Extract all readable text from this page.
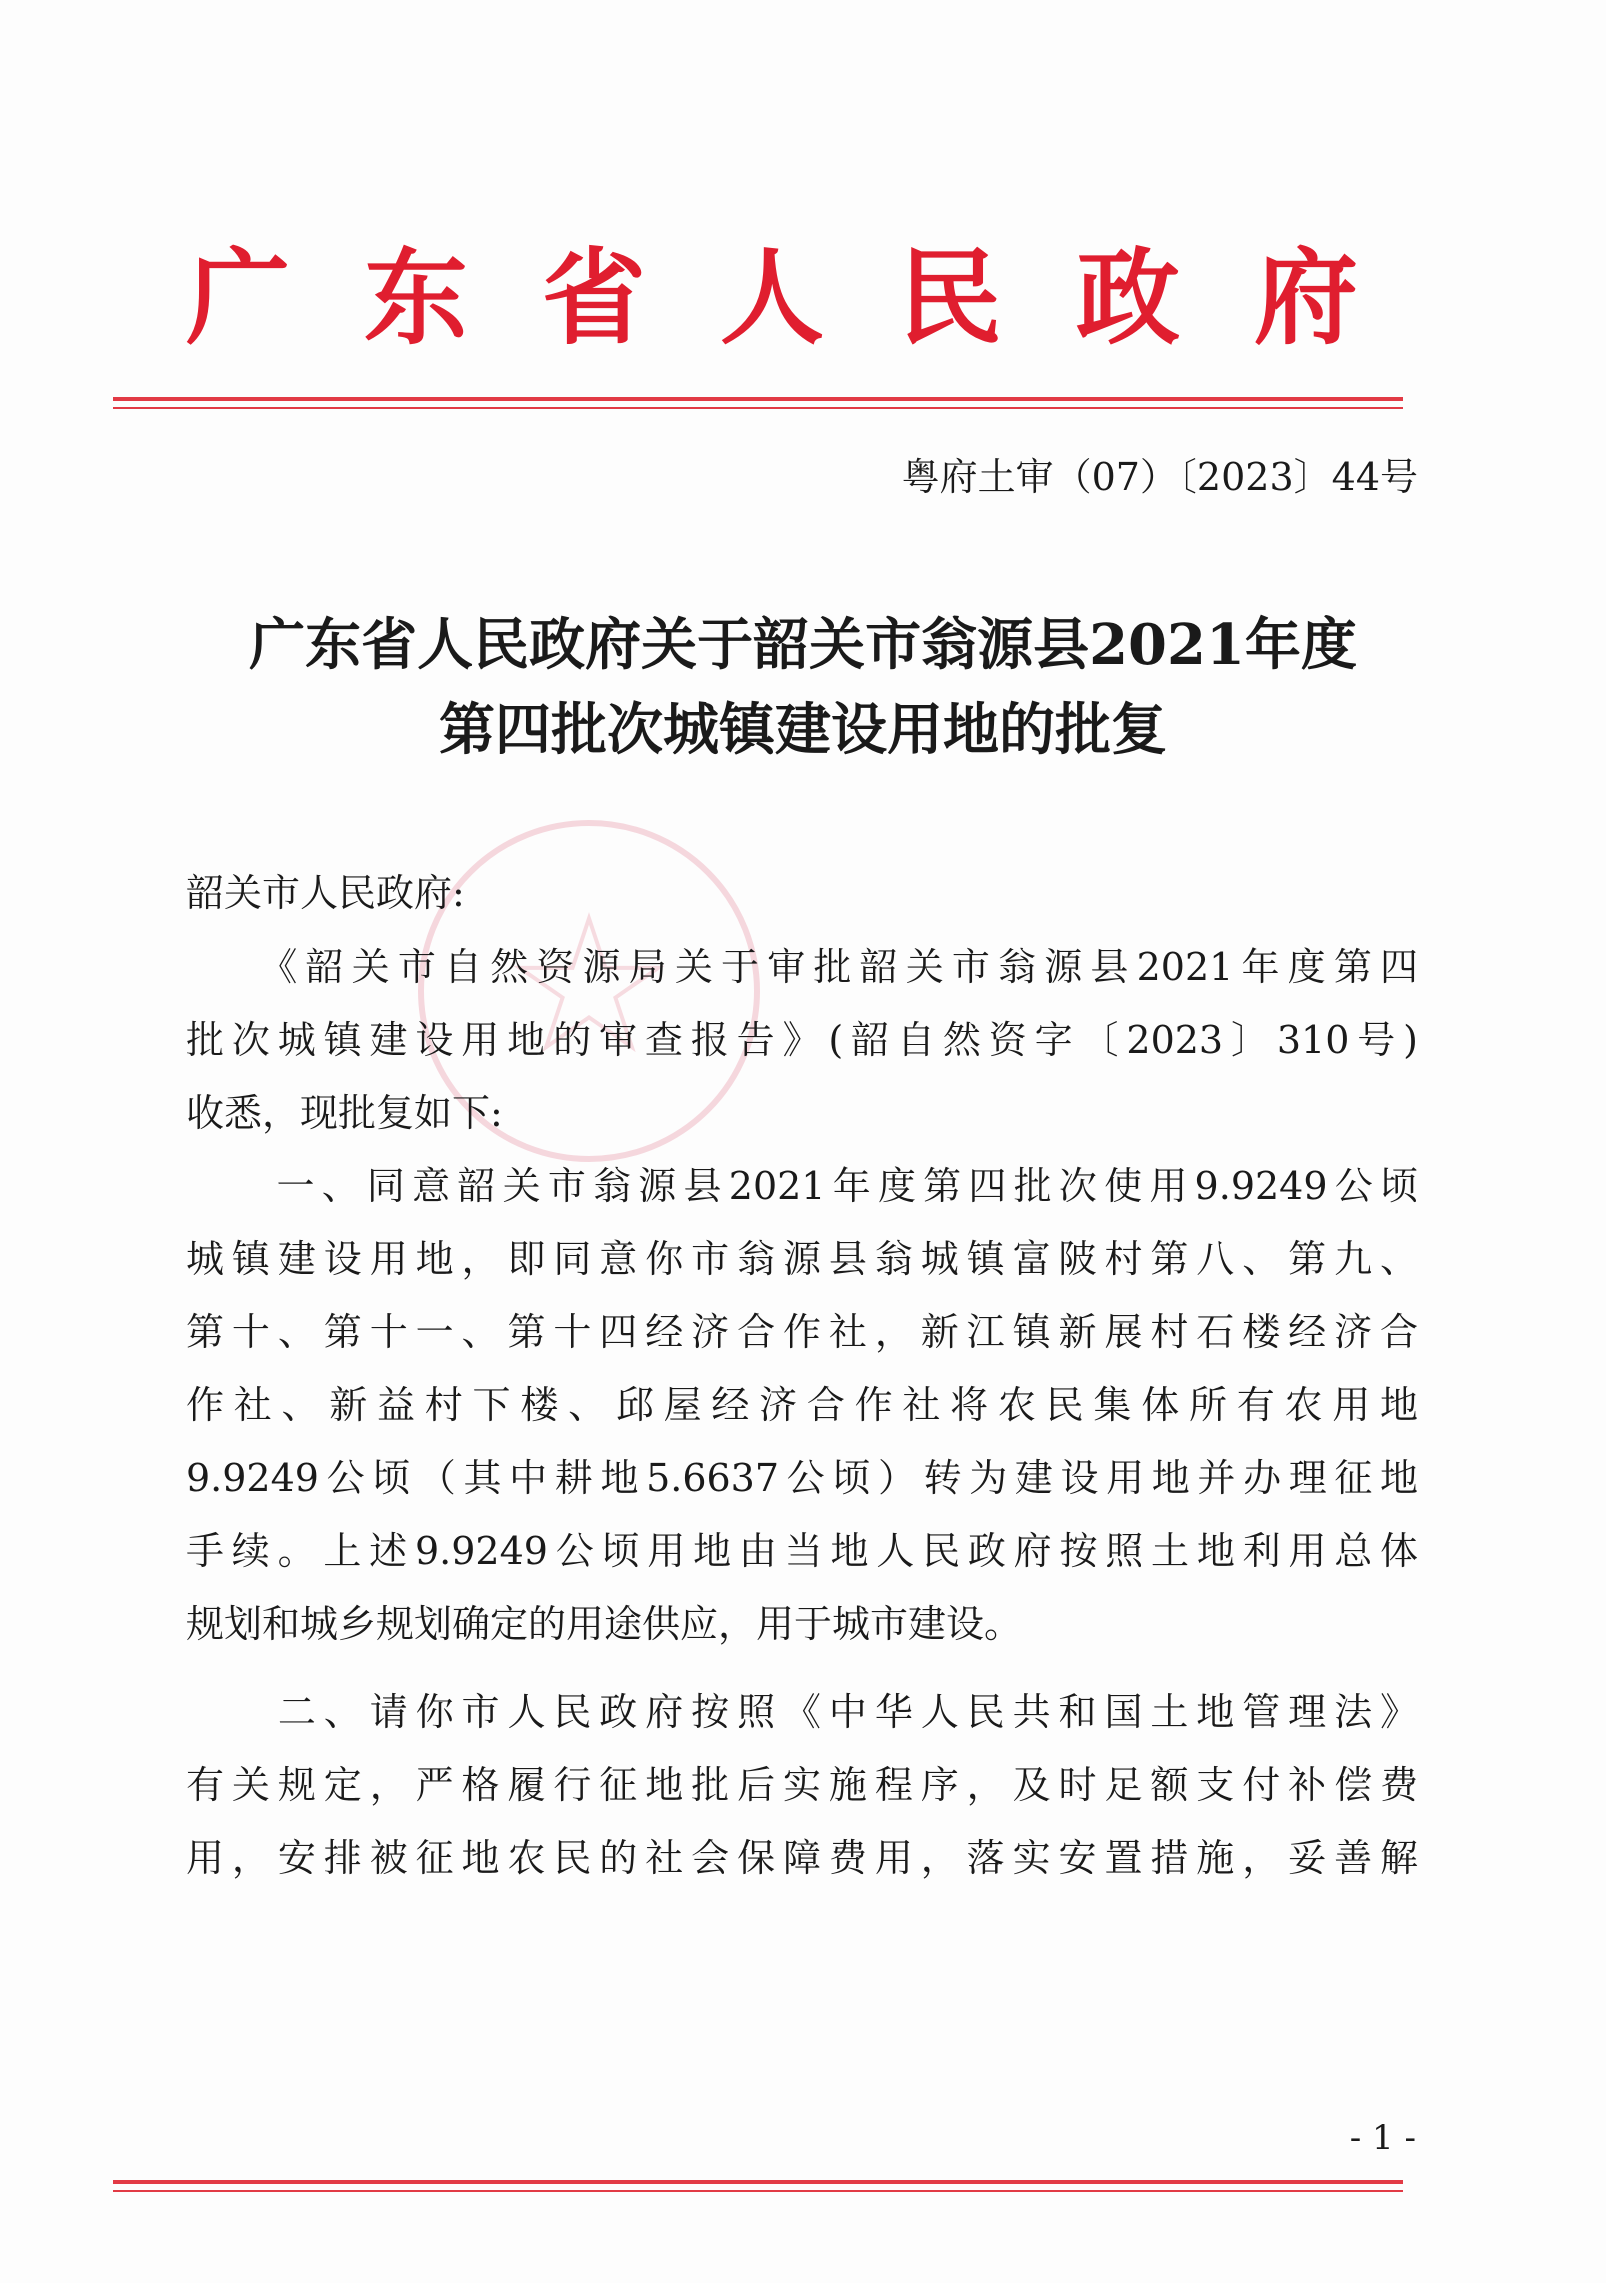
广东省人民政府
粤府土审（07）〔2023〕44号
广东省人民政府关于韶关市翁源县2021年度
第四批次城镇建设用地的批复
韶关市人民政府:
　　《韶关市自然资源局关于审批韶关市翁源县2021年度第四
批次城镇建设用地的审查报告》(韶自然资字〔2023〕310号)
收悉，现批复如下:
　　一、同意韶关市翁源县2021年度第四批次使用9.9249公顷
城镇建设用地，即同意你市翁源县翁城镇富陂村第八、第九、
第十、第十一、第十四经济合作社，新江镇新展村石楼经济合
作社、新益村下楼、邱屋经济合作社将农民集体所有农用地
9.9249公顷（其中耕地5.6637公顷）转为建设用地并办理征地
手续。上述9.9249公顷用地由当地人民政府按照土地利用总体
规划和城乡规划确定的用途供应，用于城市建设。
　　二、请你市人民政府按照《中华人民共和国土地管理法》
有关规定，严格履行征地批后实施程序，及时足额支付补偿费
用，安排被征地农民的社会保障费用，落实安置措施，妥善解
- 1 -
